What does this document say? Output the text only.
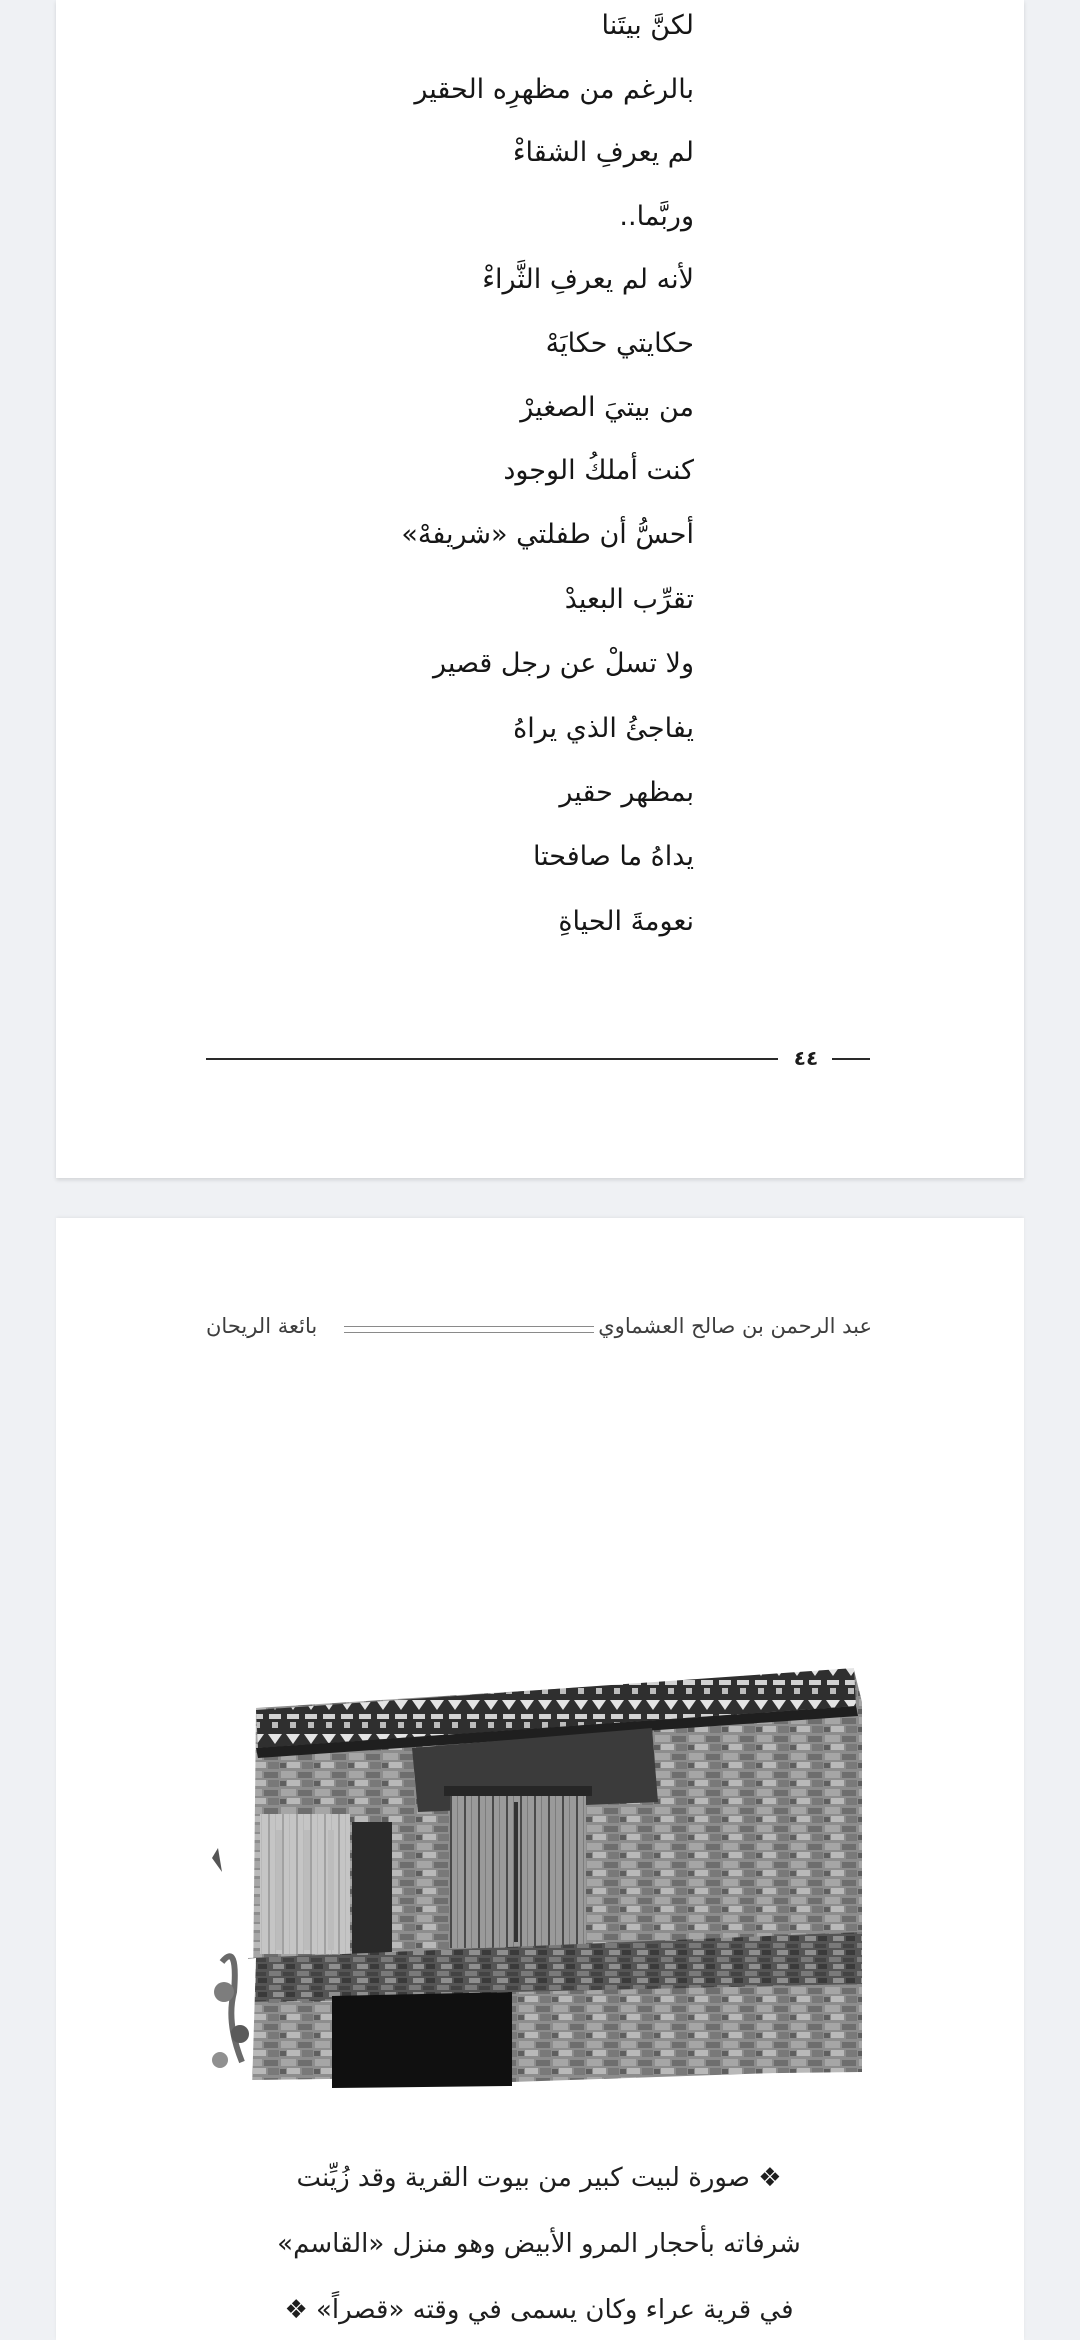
لكنَّ بيتَنا

بالرغم من مظهرِه الحقير

لم يعرفِ الشقاءْ

وربَّما..

لأنه لم يعرفِ الثَّراءْ

حكايتي حكايَهْ

من بيتيَ الصغيرْ

كنت أملكُ الوجود

أحسُّ أن طفلتي «شريفهْ»

تقرِّب البعيدْ

ولا تسلْ عن رجل قصير

يفاجئُ الذي يراهُ

بمظهر حقير

يداهُ ما صافحتا

نعومةَ الحياةِ

٤٤
عبد الرحمن بن صالح العشماوي
بائعة الريحان

❖ صورة لبيت كبير من بيوت القرية وقد زُيِّنت

شرفاته بأحجار المرو الأبيض وهو منزل «القاسم»

في قرية عراء وكان يسمى في وقته «قصراً» ❖
